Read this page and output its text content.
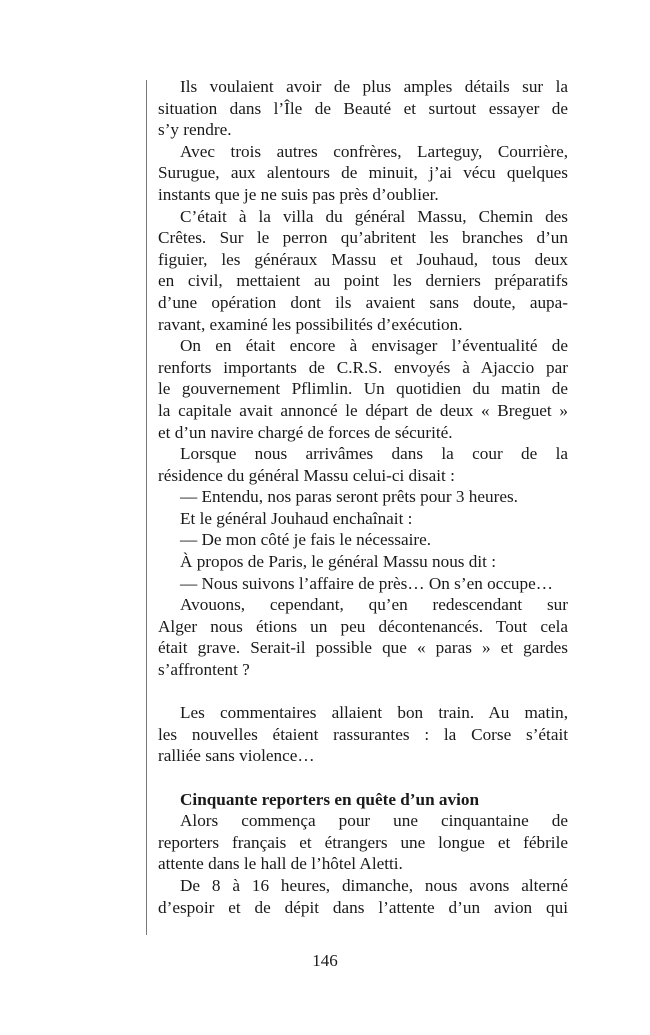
Ils voulaient avoir de plus amples détails sur la
situation dans l’Île de Beauté et surtout essayer de
s’y rendre.
Avec trois autres confrères, Larteguy, Courrière,
Surugue, aux alentours de minuit, j’ai vécu quelques
instants que je ne suis pas près d’oublier.
C’était à la villa du général Massu, Chemin des
Crêtes. Sur le perron qu’abritent les branches d’un
figuier, les généraux Massu et Jouhaud, tous deux
en civil, mettaient au point les derniers préparatifs
d’une opération dont ils avaient sans doute, aupa-
ravant, examiné les possibilités d’exécution.
On en était encore à envisager l’éventualité de
renforts importants de C.R.S. envoyés à Ajaccio par
le gouvernement Pflimlin. Un quotidien du matin de
la capitale avait annoncé le départ de deux « Breguet »
et d’un navire chargé de forces de sécurité.
Lorsque nous arrivâmes dans la cour de la
résidence du général Massu celui-ci disait :
— Entendu, nos paras seront prêts pour 3 heures.
Et le général Jouhaud enchaînait :
— De mon côté je fais le nécessaire.
À propos de Paris, le général Massu nous dit :
— Nous suivons l’affaire de près… On s’en occupe…
Avouons, cependant, qu’en redescendant sur
Alger nous étions un peu décontenancés. Tout cela
était grave. Serait-il possible que « paras » et gardes
s’affrontent ?
Les commentaires allaient bon train. Au matin,
les nouvelles étaient rassurantes : la Corse s’était
ralliée sans violence…
Cinquante reporters en quête d’un avion
Alors commença pour une cinquantaine de
reporters français et étrangers une longue et fébrile
attente dans le hall de l’hôtel Aletti.
De 8 à 16 heures, dimanche, nous avons alterné
d’espoir et de dépit dans l’attente d’un avion qui
146
